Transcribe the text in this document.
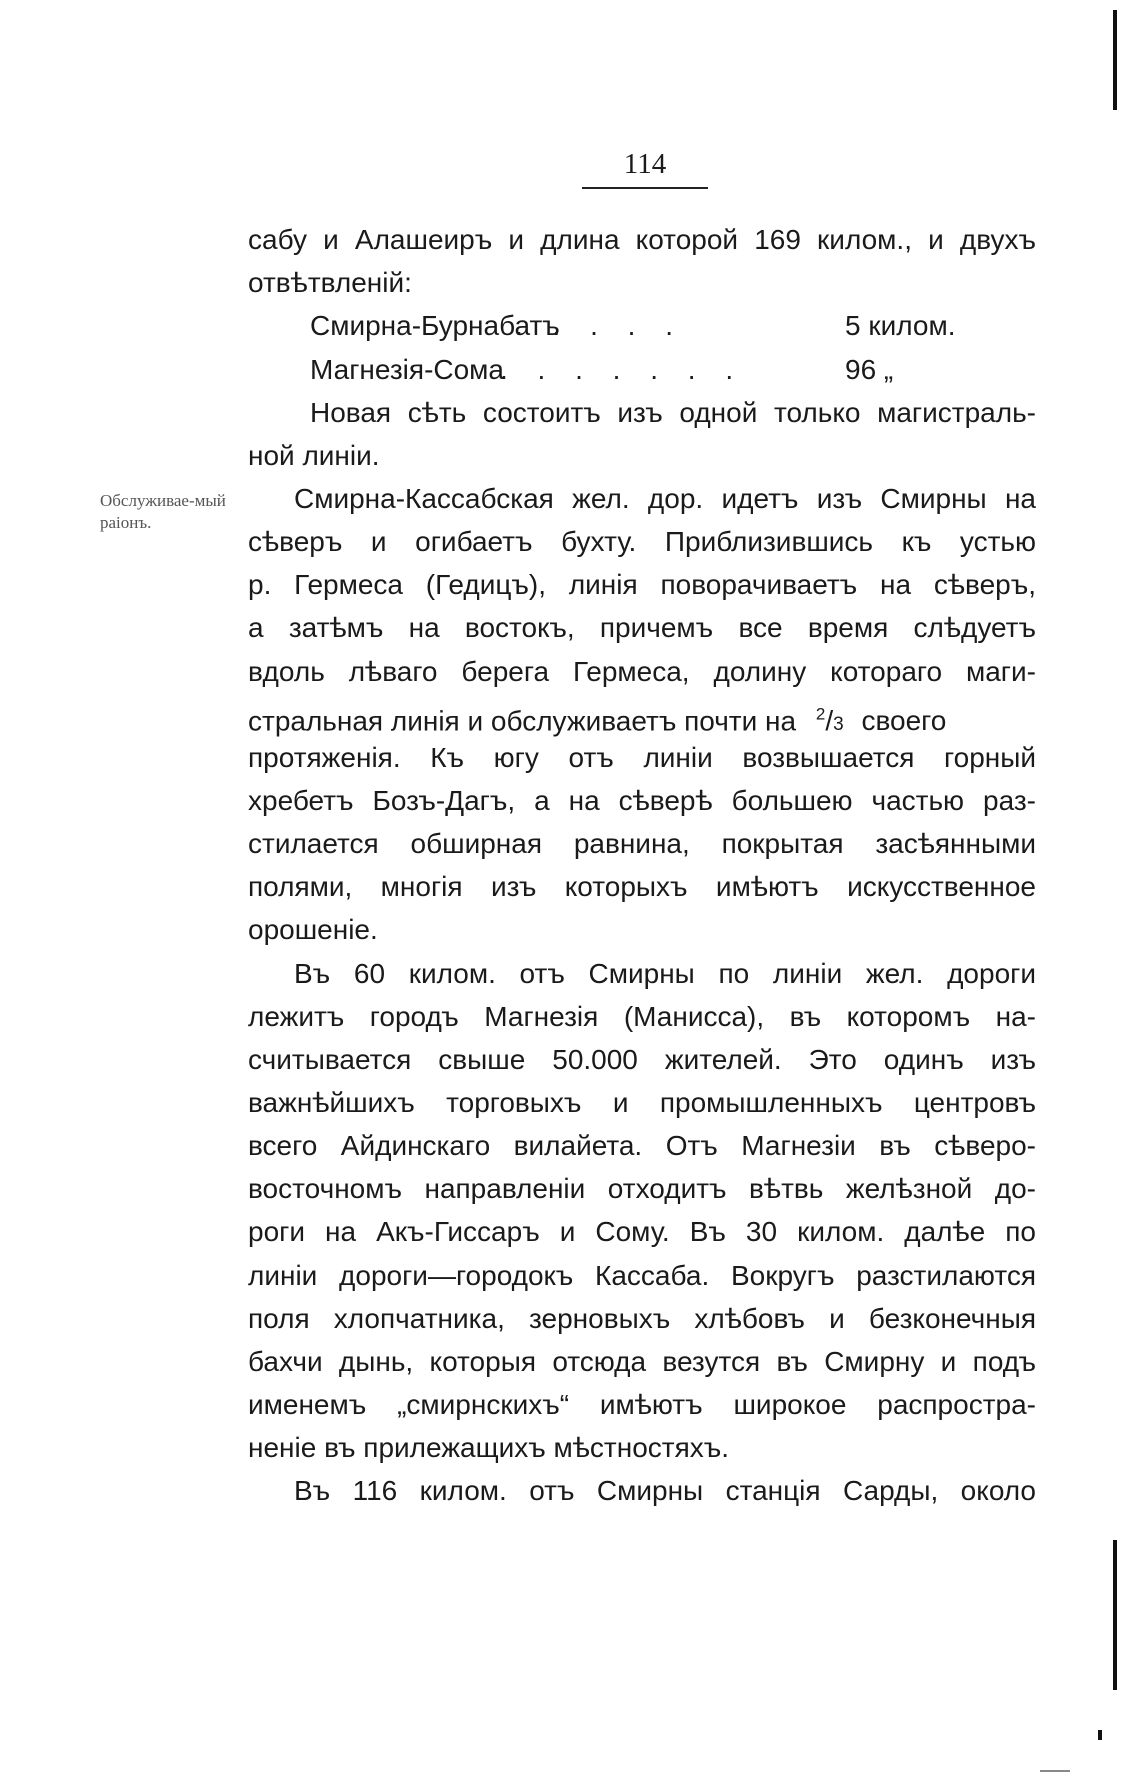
114
Обслуживае-мый раіонъ.
сабу и Алашеиръ и длина которой 169 килом., и двухъ
отвѣтвленій:
Смирна-Бурнабатъ
. . . . .	5 килом.
Магнезія-Сома
. . . . . . .	96 „
Новая сѣть состоитъ изъ одной только магистраль-
ной линіи.
Смирна-Кассабская жел. дор. идетъ изъ Смирны на
сѣверъ и огибаетъ бухту. Приблизившись къ устью
р. Гермеса (Гедицъ), линія поворачиваетъ на сѣверъ,
а затѣмъ на востокъ, причемъ все время слѣдуетъ
вдоль лѣваго берега Гермеса, долину котораго маги-
стральная линія и обслуживаетъ почти на $^2$/3 своего
протяженія. Къ югу отъ линіи возвышается горный
хребетъ Бозъ-Дагъ, а на сѣверѣ большею частью раз-
стилается обширная равнина, покрытая засѣянными
полями, многія изъ которыхъ имѣютъ искусственное
орошеніе.
Въ 60 килом. отъ Смирны по линіи жел. дороги
лежитъ городъ Магнезія (Манисса), въ которомъ на-
считывается свыше 50.000 жителей. Это одинъ изъ
важнѣйшихъ торговыхъ и промышленныхъ центровъ
всего Айдинскаго вилайета. Отъ Магнезіи въ сѣверо-
восточномъ направленіи отходитъ вѣтвь желѣзной до-
роги на Акъ-Гиссаръ и Сому. Въ 30 килом. далѣе по
линіи дороги—городокъ Кассаба. Вокругъ разстилаются
поля хлопчатника, зерновыхъ хлѣбовъ и безконечныя
бахчи дынь, которыя отсюда везутся въ Смирну и подъ
именемъ „смирнскихъ“ имѣютъ широкое распростра-
неніе въ прилежащихъ мѣстностяхъ.
Въ 116 килом. отъ Смирны станція Сарды, около
